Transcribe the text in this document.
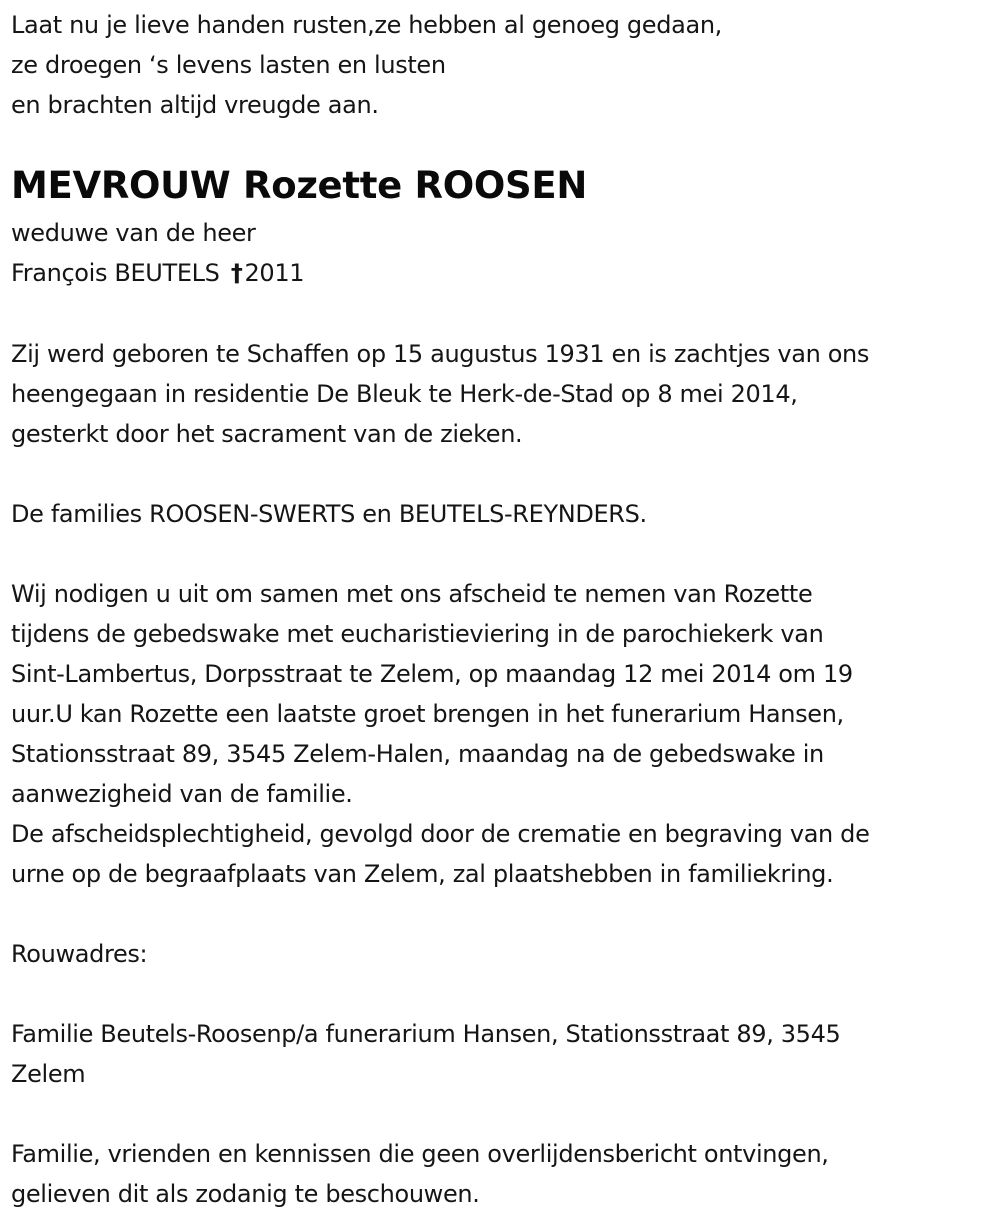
Laat nu je lieve handen rusten,ze hebben al genoeg gedaan,
ze droegen ‘s levens lasten en lusten
en brachten altijd vreugde aan.
MEVROUW Rozette ROOSEN
weduwe van de heer
François BEUTELS †2011
Zij werd geboren te Schaffen op 15 augustus 1931 en is zachtjes van ons
heengegaan in residentie De Bleuk te Herk-de-Stad op 8 mei 2014,
gesterkt door het sacrament van de zieken.
De families ROOSEN-SWERTS en BEUTELS-REYNDERS.
Wij nodigen u uit om samen met ons afscheid te nemen van Rozette
tijdens de gebedswake met eucharistieviering in de parochiekerk van
Sint-Lambertus, Dorpsstraat te Zelem, op maandag 12 mei 2014 om 19
uur.U kan Rozette een laatste groet brengen in het funerarium Hansen,
Stationsstraat 89, 3545 Zelem-Halen, maandag na de gebedswake in
aanwezigheid van de familie.
De afscheidsplechtigheid, gevolgd door de crematie en begraving van de
urne op de begraafplaats van Zelem, zal plaatshebben in familiekring.
Rouwadres:
Familie Beutels-Roosenp/a funerarium Hansen, Stationsstraat 89, 3545
Zelem
Familie, vrienden en kennissen die geen overlijdensbericht ontvingen,
gelieven dit als zodanig te beschouwen.
